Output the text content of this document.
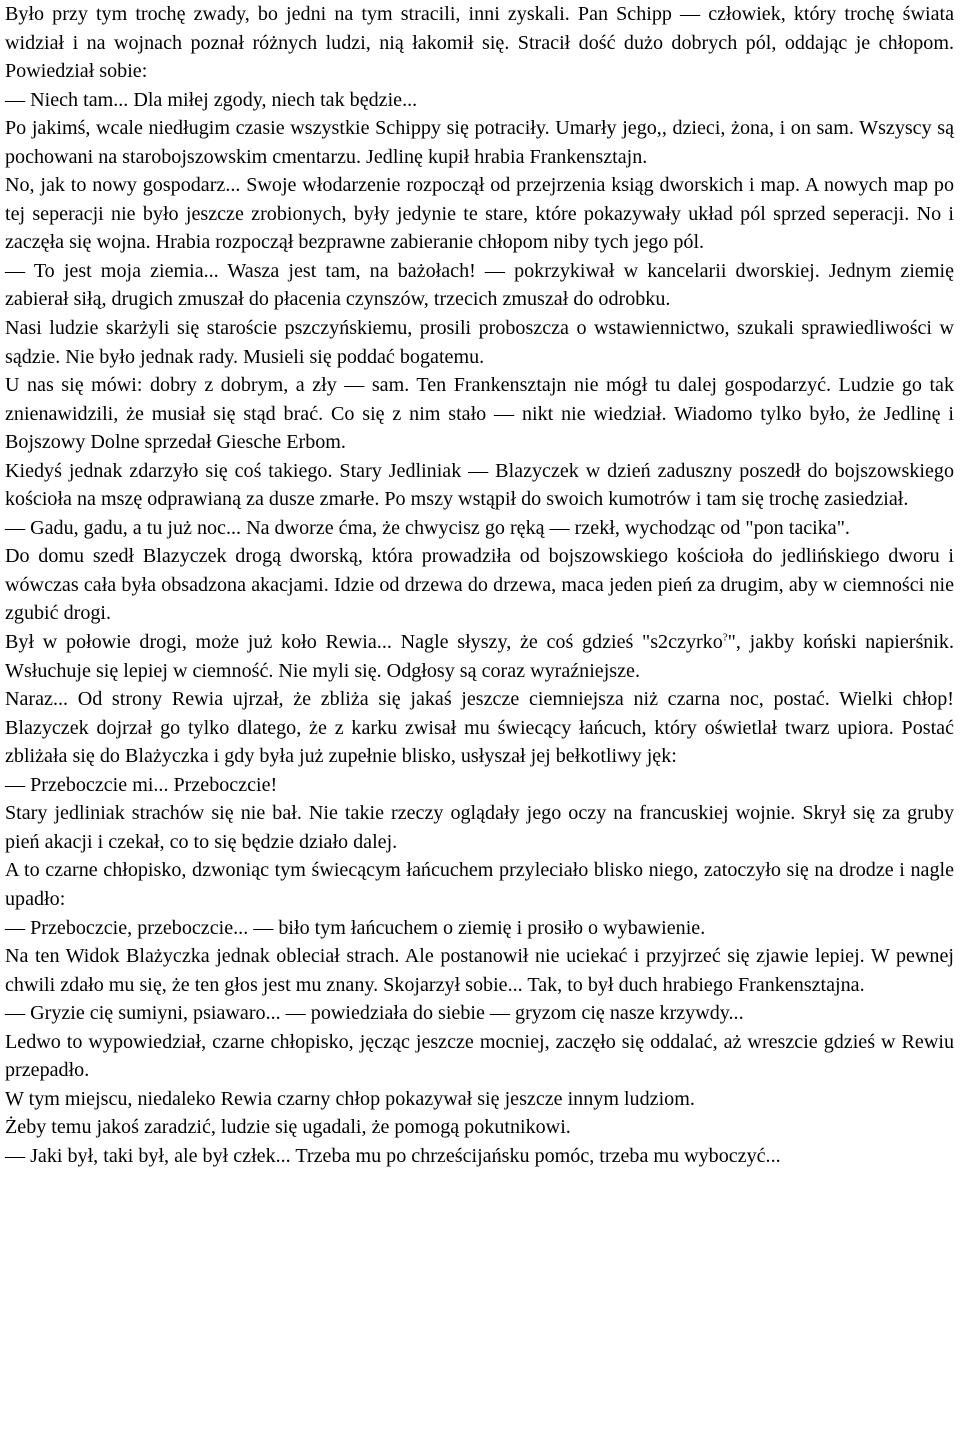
Było przy tym trochę zwady, bo jedni na tym stracili, inni zyskali. Pan Schipp — człowiek, który trochę świata widział i na wojnach poznał różnych ludzi, nią łakomił się. Stracił dość dużo dobrych pól, oddając je chłopom. Powiedział sobie:

— Niech tam... Dla miłej zgody, niech tak będzie...

Po jakimś, wcale niedługim czasie wszystkie Schippy się potraciły. Umarły jego,, dzieci, żona, i on sam. Wszyscy są pochowani na starobojszowskim cmentarzu. Jedlinę kupił hrabia Frankensztajn.

No, jak to nowy gospodarz... Swoje włodarzenie rozpoczął od przejrzenia ksiąg dworskich i map. A nowych map po tej seperacji nie było jeszcze zrobionych, były jedynie te stare, które pokazywały układ pól sprzed seperacji. No i zaczęła się wojna. Hrabia rozpoczął bezprawne zabieranie chłopom niby tych jego pól.

— To jest moja ziemia... Wasza jest tam, na bażołach! — pokrzykiwał w kancelarii dworskiej. Jednym ziemię zabierał siłą, drugich zmuszał do płacenia czynszów, trzecich zmuszał do odrobku.

Nasi ludzie skarżyli się staroście pszczyńskiemu, prosili proboszcza o wstawiennictwo, szukali sprawiedliwości w sądzie. Nie było jednak rady. Musieli się poddać bogatemu.

U nas się mówi: dobry z dobrym, a zły — sam. Ten Frankensztajn nie mógł tu dalej gospodarzyć. Ludzie go tak znienawidzili, że musiał się stąd brać. Co się z nim stało — nikt nie wiedział. Wiadomo tylko było, że Jedlinę i Bojszowy Dolne sprzedał Giesche Erbom.

Kiedyś jednak zdarzyło się coś takiego. Stary Jedliniak — Blazyczek w dzień zaduszny poszedł do bojszowskiego kościoła na mszę odprawianą za dusze zmarłe. Po mszy wstąpił do swoich kumotrów i tam się trochę zasiedział.

— Gadu, gadu, a tu już noc... Na dworze ćma, że chwycisz go ręką — rzekł, wychodząc od "pon tacika".

Do domu szedł Blazyczek drogą dworską, która prowadziła od bojszowskiego kościoła do jedlińskiego dworu i wówczas cała była obsadzona akacjami. Idzie od drzewa do drzewa, maca jeden pień za drugim, aby w ciemności nie zgubić drogi.

Był w połowie drogi, może już koło Rewia... Nagle słyszy, że coś gdzieś "s2czyrko?", jakby koński napierśnik. Wsłuchuje się lepiej w ciemność. Nie myli się. Odgłosy są coraz wyraźniejsze.

Naraz... Od strony Rewia ujrzał, że zbliża się jakaś jeszcze ciemniejsza niż czarna noc, postać. Wielki chłop! Blazyczek dojrzał go tylko dlatego, że z karku zwisał mu świecący łańcuch, który oświetlał twarz upiora. Postać zbliżała się do Blażyczka i gdy była już zupełnie blisko, usłyszał jej bełkotliwy jęk:

— Przeboczcie mi... Przeboczcie!

Stary jedliniak strachów się nie bał. Nie takie rzeczy oglądały jego oczy na francuskiej wojnie. Skrył się za gruby pień akacji i czekał, co to się będzie działo dalej.

A to czarne chłopisko, dzwoniąc tym świecącym łańcuchem przyleciało blisko niego, zatoczyło się na drodze i nagle upadło:

— Przeboczcie, przeboczcie... — biło tym łańcuchem o ziemię i prosiło o wybawienie.

Na ten Widok Blażyczka jednak obleciał strach. Ale postanowił nie uciekać i przyjrzeć się zjawie lepiej. W pewnej chwili zdało mu się, że ten głos jest mu znany. Skojarzył sobie... Tak, to był duch hrabiego Frankensztajna.

— Gryzie cię sumiyni, psiawaro... — powiedziała do siebie — gryzom cię nasze krzywdy...

Ledwo to wypowiedział, czarne chłopisko, jęcząc jeszcze mocniej, zaczęło się oddalać, aż wreszcie gdzieś w Rewiu przepadło.

W tym miejscu, niedaleko Rewia czarny chłop pokazywał się jeszcze innym ludziom.

Żeby temu jakoś zaradzić, ludzie się ugadali, że pomogą pokutnikowi.

— Jaki był, taki był, ale był człek... Trzeba mu po chrześcijańsku pomóc, trzeba mu wyboczyć...
